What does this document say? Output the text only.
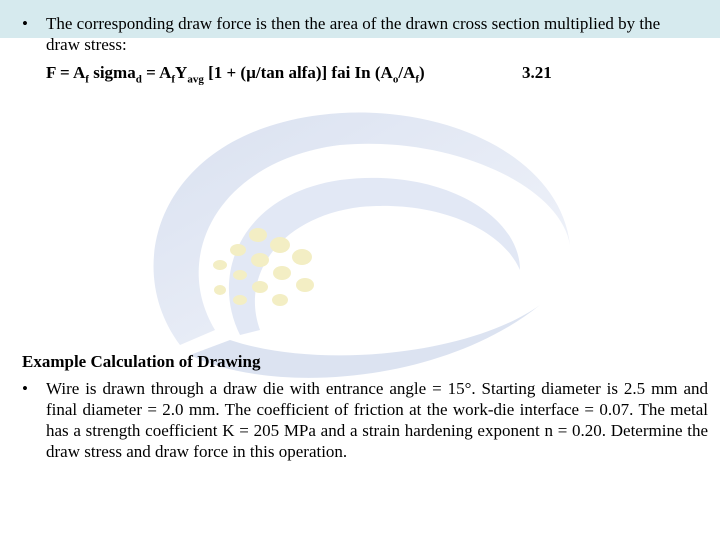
• The corresponding draw force is then the area of the drawn cross section multiplied by the draw stress:
$F = A_f$ sigma$_d$ = $A_fY_{avg}$ [1 + (µ/tan alfa)] fai In $(A_o/A_f)$	3.21
Example Calculation of Drawing
• Wire is drawn through a draw die with entrance angle = 15°. Starting diameter is 2.5 mm and final diameter = 2.0 mm. The coefficient of friction at the work-die interface = 0.07. The metal has a strength coefficient K = 205 MPa and a strain hardening exponent n = 0.20. Determine the draw stress and draw force in this operation.
